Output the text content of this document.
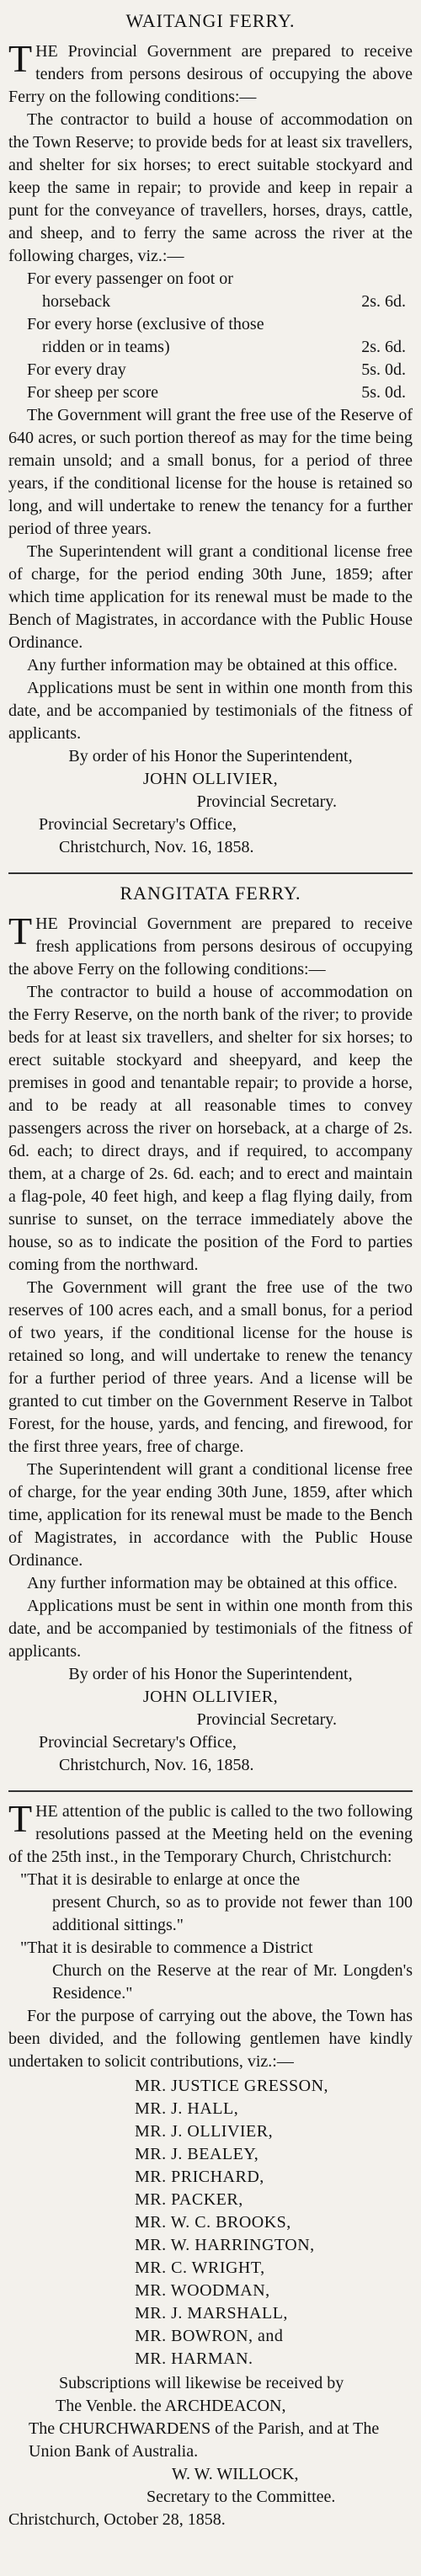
WAITANGI FERRY.

THE Provincial Government are prepared to receive tenders from persons desirous of occupying the above Ferry on the following conditions:—

The contractor to build a house of accommodation on the Town Reserve; to provide beds for at least six travellers, and shelter for six horses; to erect suitable stockyard and keep the same in repair; to provide and keep in repair a punt for the conveyance of travellers, horses, drays, cattle, and sheep, and to ferry the same across the river at the following charges, viz.:—

For every passenger on foot or
horseback	2s. 6d.
For every horse (exclusive of those
ridden or in teams)	2s. 6d.
For every dray	5s. 0d.
For sheep per score	5s. 0d.

The Government will grant the free use of the Reserve of 640 acres, or such portion thereof as may for the time being remain unsold; and a small bonus, for a period of three years, if the conditional license for the house is retained so long, and will undertake to renew the tenancy for a further period of three years.

The Superintendent will grant a conditional license free of charge, for the period ending 30th June, 1859; after which time application for its renewal must be made to the Bench of Magistrates, in accordance with the Public House Ordinance.

Any further information may be obtained at this office.

Applications must be sent in within one month from this date, and be accompanied by testimonials of the fitness of applicants.

By order of his Honor the Superintendent,

JOHN OLLIVIER,

Provincial Secretary.

Provincial Secretary's Office,

Christchurch, Nov. 16, 1858.

RANGITATA FERRY.

THE Provincial Government are prepared to receive fresh applications from persons desirous of occupying the above Ferry on the following conditions:—

The contractor to build a house of accommodation on the Ferry Reserve, on the north bank of the river; to provide beds for at least six travellers, and shelter for six horses; to erect suitable stockyard and sheepyard, and keep the premises in good and tenantable repair; to provide a horse, and to be ready at all reasonable times to convey passengers across the river on horseback, at a charge of 2s. 6d. each; to direct drays, and if required, to accompany them, at a charge of 2s. 6d. each; and to erect and maintain a flag-pole, 40 feet high, and keep a flag flying daily, from sunrise to sunset, on the terrace immediately above the house, so as to indicate the position of the Ford to parties coming from the northward.

The Government will grant the free use of the two reserves of 100 acres each, and a small bonus, for a period of two years, if the conditional license for the house is retained so long, and will undertake to renew the tenancy for a further period of three years. And a license will be granted to cut timber on the Government Reserve in Talbot Forest, for the house, yards, and fencing, and firewood, for the first three years, free of charge.

The Superintendent will grant a conditional license free of charge, for the year ending 30th June, 1859, after which time, application for its renewal must be made to the Bench of Magistrates, in accordance with the Public House Ordinance.

Any further information may be obtained at this office.

Applications must be sent in within one month from this date, and be accompanied by testimonials of the fitness of applicants.

By order of his Honor the Superintendent,

JOHN OLLIVIER,

Provincial Secretary.

Provincial Secretary's Office,

Christchurch, Nov. 16, 1858.

THE attention of the public is called to the two following resolutions passed at the Meeting held on the evening of the 25th inst., in the Temporary Church, Christchurch:

"That it is desirable to enlarge at once the
present Church, so as to provide not fewer than 100 additional sittings."

"That it is desirable to commence a District
Church on the Reserve at the rear of Mr. Longden's Residence."

For the purpose of carrying out the above, the Town has been divided, and the following gentlemen have kindly undertaken to solicit contributions, viz.:—

MR. JUSTICE GRESSON,
MR. J. HALL,
MR. J. OLLIVIER,
MR. J. BEALEY,
MR. PRICHARD,
MR. PACKER,
MR. W. C. BROOKS,
MR. W. HARRINGTON,
MR. C. WRIGHT,
MR. WOODMAN,
MR. J. MARSHALL,
MR. BOWRON, and
MR. HARMAN.

Subscriptions will likewise be received by

The Venble. the ARCHDEACON,

The CHURCHWARDENS of the Parish, and at The Union Bank of Australia.

W. W. WILLOCK,

Secretary to the Committee.

Christchurch, October 28, 1858.
